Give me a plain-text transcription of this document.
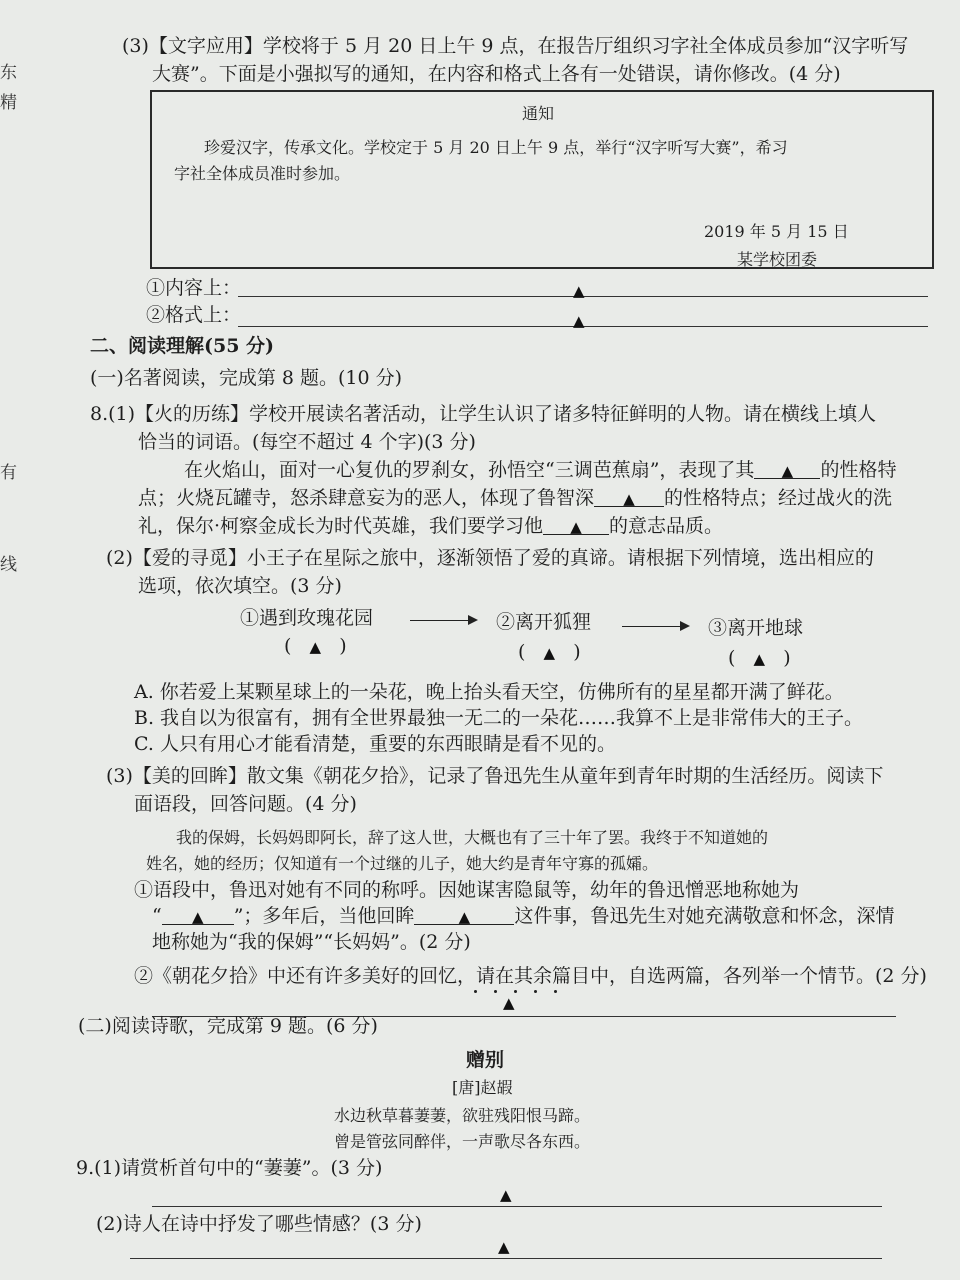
东
精
有
线
(3)【文字应用】学校将于 5 月 20 日上午 9 点，在报告厅组织习字社全体成员参加“汉字听写
大赛”。下面是小强拟写的通知，在内容和格式上各有一处错误，请你修改。(4 分)
通知
珍爱汉字，传承文化。学校定于 5 月 20 日上午 9 点，举行“汉字听写大赛”，希习
字社全体成员准时参加。
2019 年 5 月 15 日
某学校团委
①内容上：	▲
②格式上：	▲
二、阅读理解(55 分)
(一)名著阅读，完成第 8 题。(10 分)
8.(1)【火的历练】学校开展读名著活动，让学生认识了诸多特征鲜明的人物。请在横线上填人
恰当的词语。(每空不超过 4 个字)(3 分)
在火焰山，面对一心复仇的罗刹女，孙悟空“三调芭蕉扇”，表现了其 ▲ 的性格特
点；火烧瓦罐寺，怒杀肆意妄为的恶人，体现了鲁智深 ▲ 的性格特点；经过战火的洗
礼，保尔·柯察金成长为时代英雄，我们要学习他 ▲ 的意志品质。
(2)【爱的寻觅】小王子在星际之旅中，逐渐领悟了爱的真谛。请根据下列情境，选出相应的
选项，依次填空。(3 分)
①遇到玫瑰花园	②离开狐狸	③离开地球
(   ▲   )	(   ▲   )	(   ▲   )
A. 你若爱上某颗星球上的一朵花，晚上抬头看天空，仿佛所有的星星都开满了鲜花。
B. 我自以为很富有，拥有全世界最独一无二的一朵花……我算不上是非常伟大的王子。
C. 人只有用心才能看清楚，重要的东西眼睛是看不见的。
(3)【美的回眸】散文集《朝花夕拾》，记录了鲁迅先生从童年到青年时期的生活经历。阅读下
面语段，回答问题。(4 分)
我的保姆，长妈妈即阿长，辞了这人世，大概也有了三十年了罢。我终于不知道她的
姓名，她的经历；仅知道有一个过继的儿子，她大约是青年守寡的孤孀。
①语段中，鲁迅对她有不同的称呼。因她谋害隐鼠等，幼年的鲁迅憎恶地称她为
“ ▲ ”；多年后，当他回眸	▲ 这件事，鲁迅先生对她充满敬意和怀念，深情
地称她为“我的保姆”“长妈妈”。(2 分)
②《朝花夕拾》中还有许多美好的回忆，请在其余篇目中，自选两篇，各列举一个情节。(2 分)
▲
(二)阅读诗歌，完成第 9 题。(6 分)
赠别
[唐]赵嘏
水边秋草暮萋萋，欲驻残阳恨马蹄。
曾是管弦同醉伴，一声歌尽各东西。
9.(1)请赏析首句中的“萋萋”。(3 分)
▲
(2)诗人在诗中抒发了哪些情感？(3 分)
▲
